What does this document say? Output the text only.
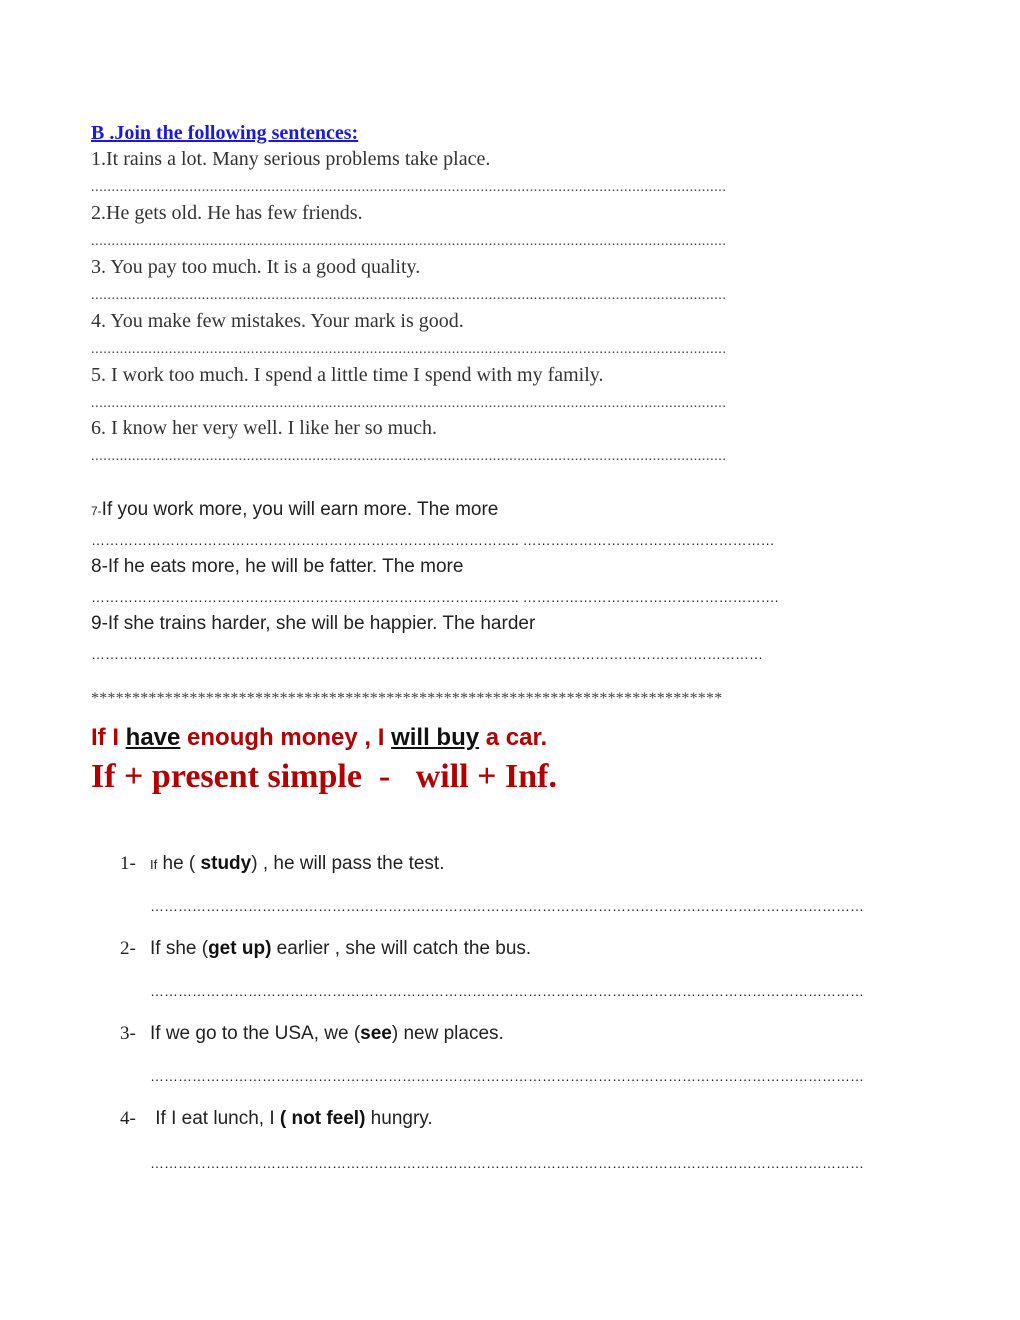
B .Join the following sentences:
1.It rains a lot. Many serious problems take place.
...........................................................................................................................................................
2.He gets old. He has few friends.
...........................................................................................................................................................
3. You pay too much. It is a good quality.
...........................................................................................................................................................
4. You make few mistakes. Your mark is good.
...........................................................................................................................................................
5. I work too much. I spend a little time I spend with my family.
...........................................................................................................................................................
6. I know her very well. I like her so much.
...........................................................................................................................................................
7-If you work more, you will earn more. The more
……………………………………………………………………………….. ………………………………………………
8-If he eats more, he will be fatter. The more
……………………………………………………………………………….. ……………………………………………….
9-If she trains harder, she will be happier. The harder
………………………………………………………………………………………………………………………………
*****************************************************************************
If I have enough money , I will buy a car.
If + present simple  -   will + Inf.
1- If he ( study) , he will pass the test.
………………………………………………………………………………………………………………………………………
2- If she (get up) earlier , she will catch the bus.
………………………………………………………………………………………………………………………………………
3- If we go to the USA, we (see) new places.
………………………………………………………………………………………………………………………………………
4- If I eat lunch, I ( not feel) hungry.
………………………………………………………………………………………………………………………………………
